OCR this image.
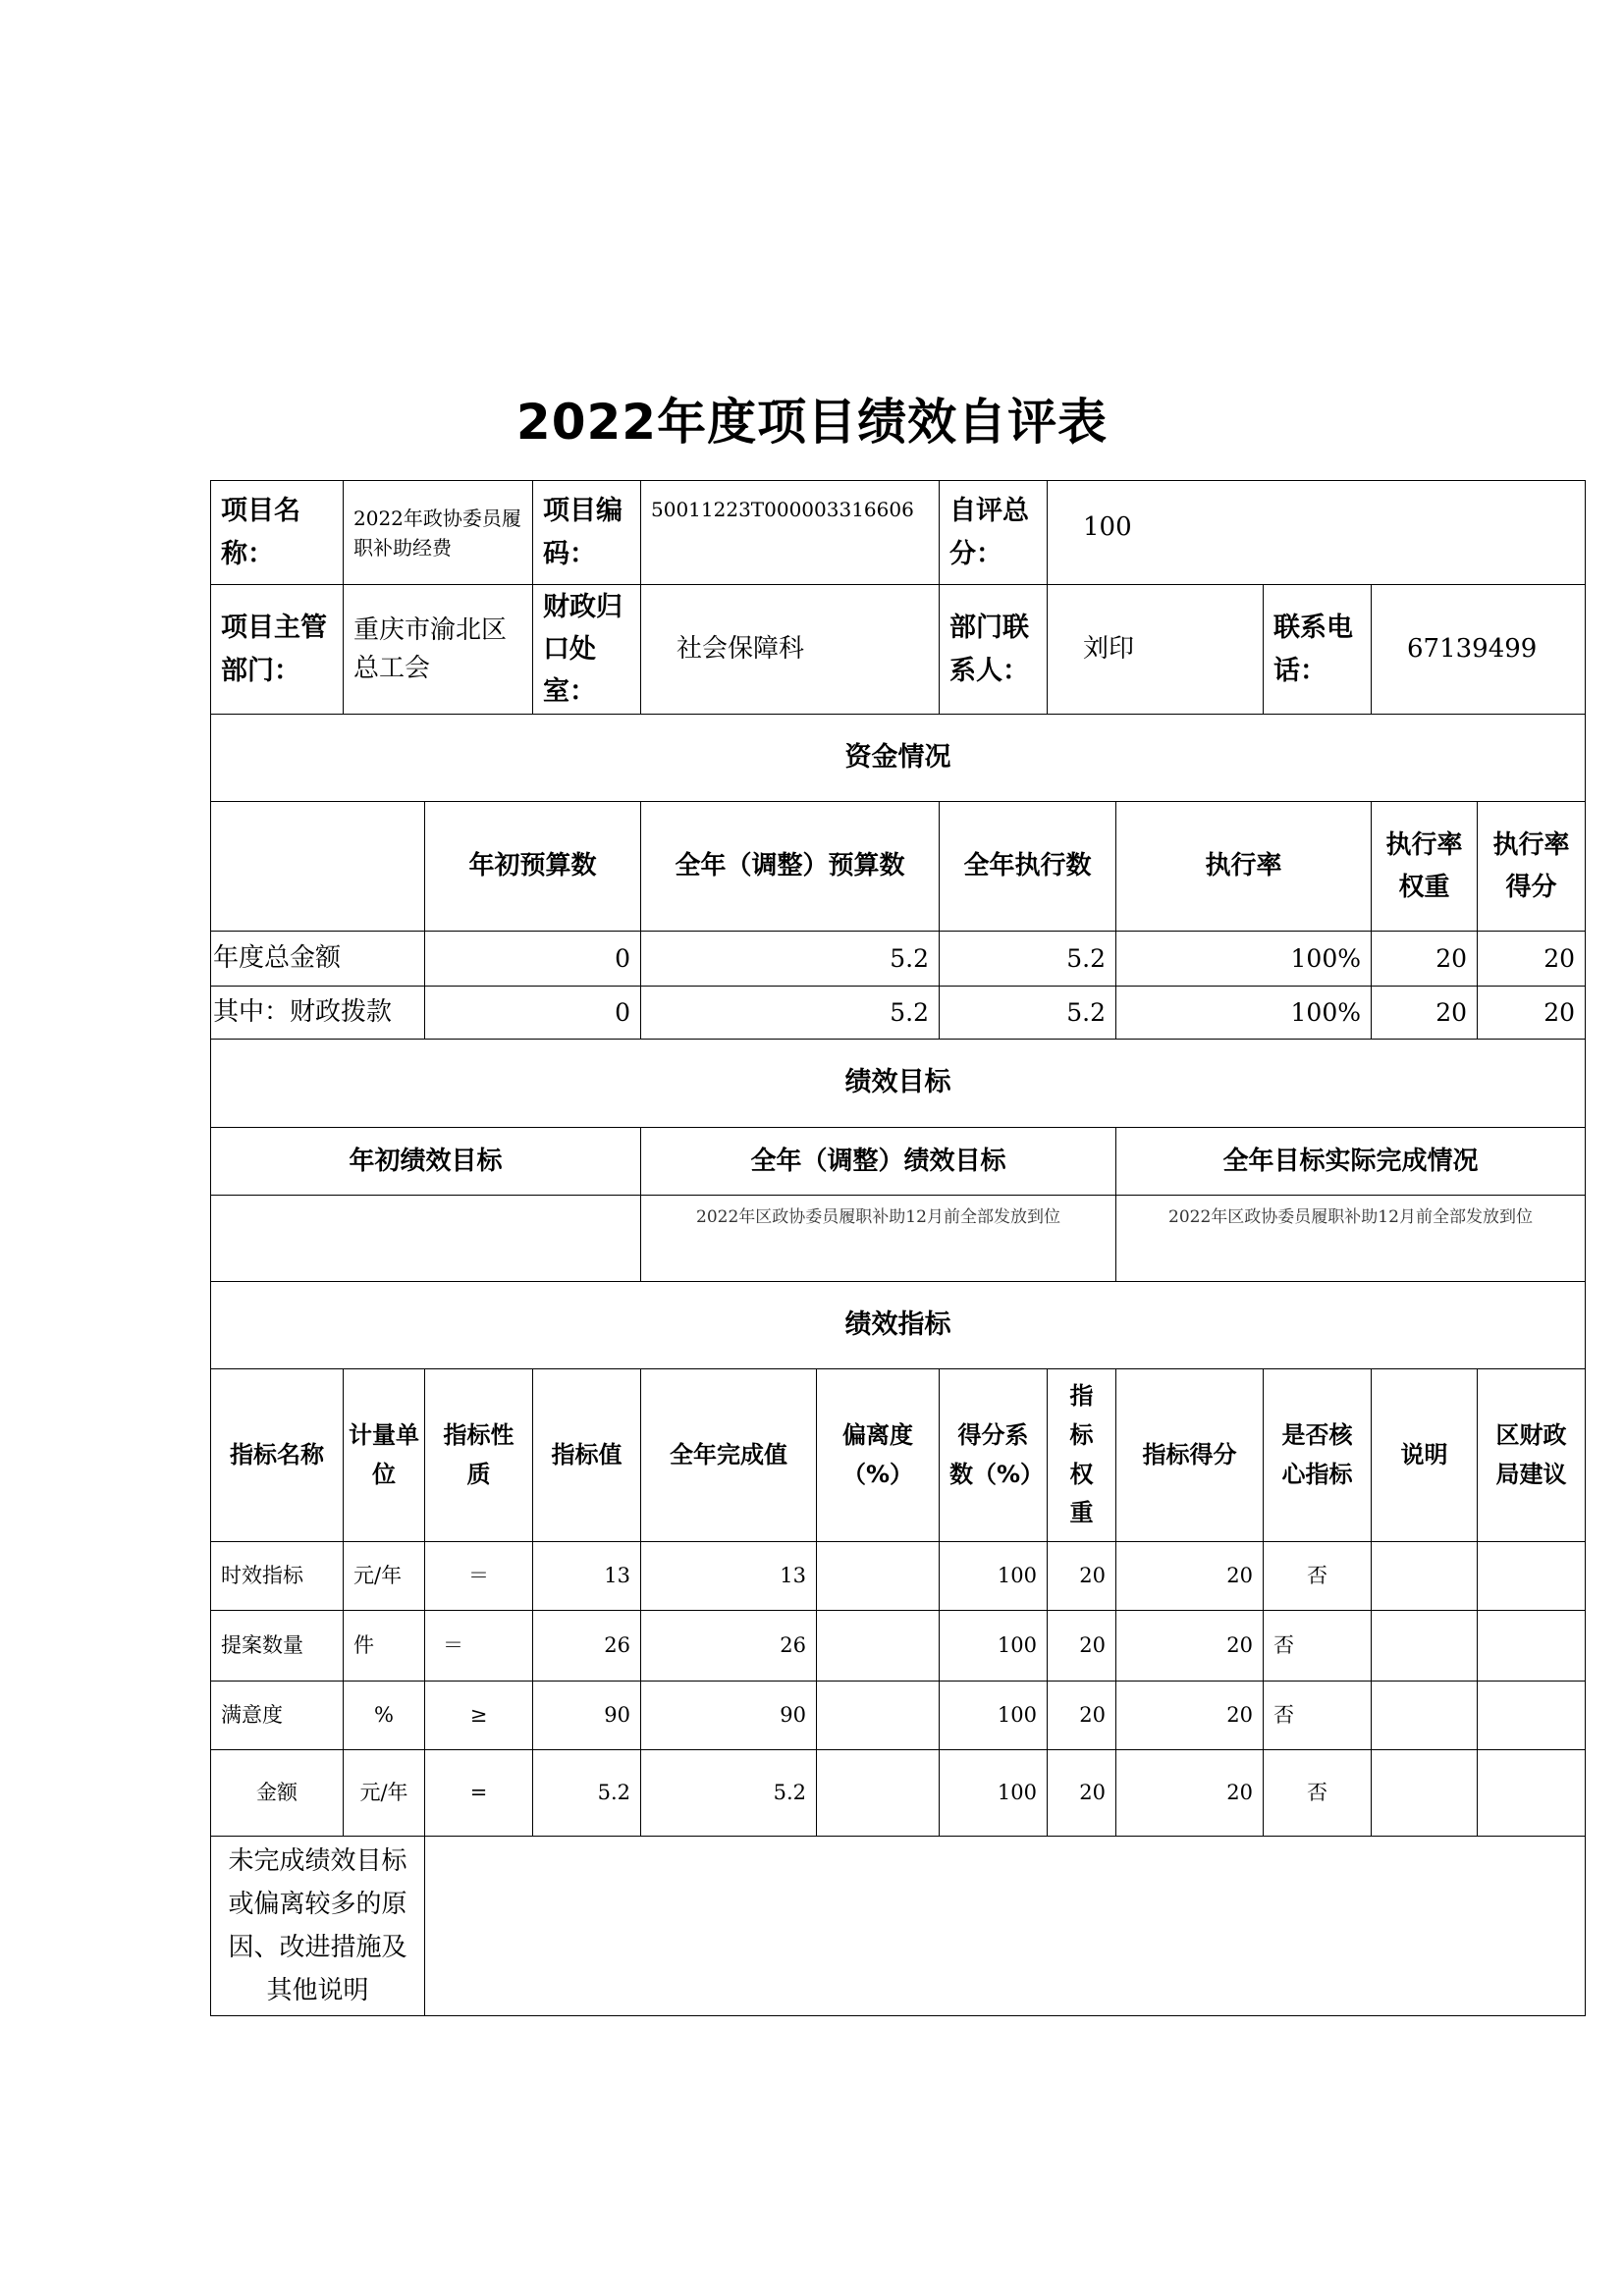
2022年度项目绩效自评表
项目名称：	2022年政协委员履职补助经费		项目编码：	50011223T000003316606		自评总分：	100				
项目主管部门：	重庆市渝北区总工会		财政归口处室：	社会保障科		部门联系人：	刘印		联系电话：	67139499	
资金情况											
		年初预算数		全年（调整）预算数		全年执行数		执行率		执行率权重	执行率得分
年度总金额		0		5.2		5.2		100%		20	20
其中：财政拨款		0		5.2		5.2		100%		20	20
绩效目标											
年初绩效目标				全年（调整）绩效目标				全年目标实际完成情况			
				2022年区政协委员履职补助12月前全部发放到位				2022年区政协委员履职补助12月前全部发放到位			
绩效指标											
指标名称	计量单位	指标性质	指标值	全年完成值	偏离度（%）	得分系数（%）	指标权重	指标得分	是否核心指标	说明	区财政局建议
时效指标	元/年	＝	13	13		100	20	20	否		
提案数量	件	＝	26	26		100	20	20	否		
满意度	%	≥	90	90		100	20	20	否		
金额	元/年	=	5.2	5.2		100	20	20	否		
未完成绩效目标或偏离较多的原因、改进措施及其他说明											
